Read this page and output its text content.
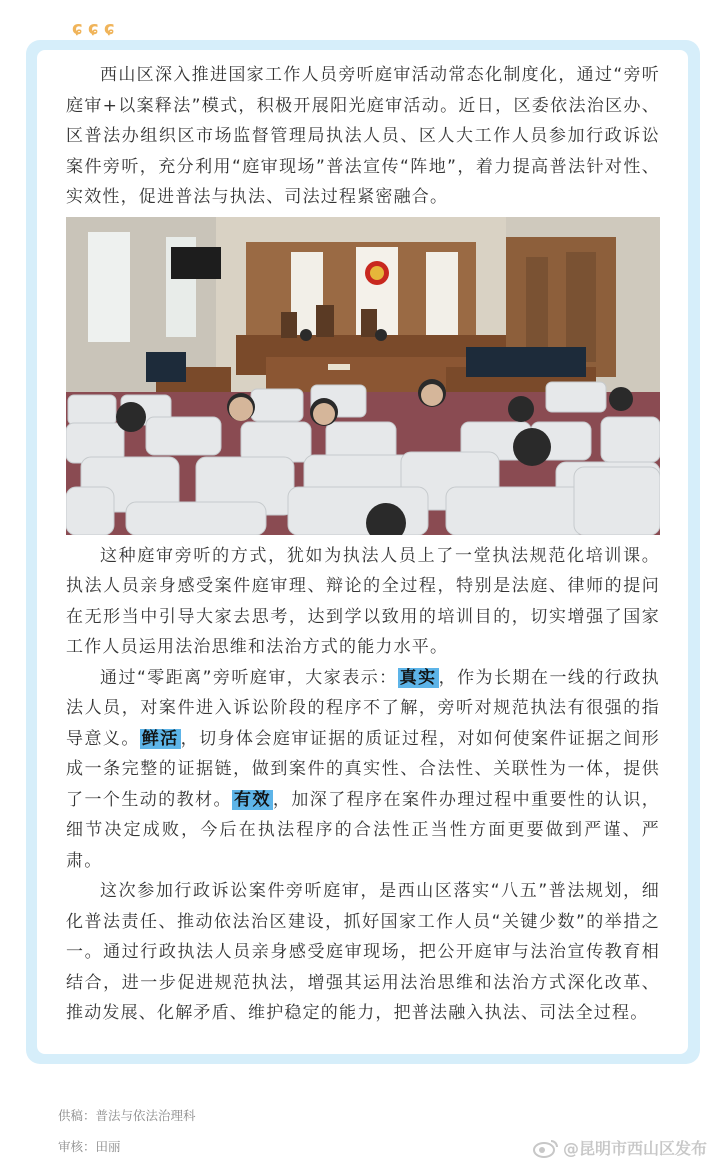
ɕ ɕ ɕ

西山区深入推进国家工作人员旁听庭审活动常态化制度化，通过“旁听庭审+以案释法”模式，积极开展阳光庭审活动。近日，区委依法治区办、区普法办组织区市场监督管理局执法人员、区人大工作人员参加行政诉讼案件旁听，充分利用“庭审现场”普法宣传“阵地”，着力提高普法针对性、实效性，促进普法与执法、司法过程紧密融合。

这种庭审旁听的方式，犹如为执法人员上了一堂执法规范化培训课。执法人员亲身感受案件庭审理、辩论的全过程，特别是法庭、律师的提问在无形当中引导大家去思考，达到学以致用的培训目的，切实增强了国家工作人员运用法治思维和法治方式的能力水平。

通过“零距离”旁听庭审，大家表示： 真实 ，作为长期在一线的行政执法人员，对案件进入诉讼阶段的程序不了解，旁听对规范执法有很强的指导意义。 鲜活 ，切身体会庭审证据的质证过程，对如何使案件证据之间形成一条完整的证据链，做到案件的真实性、合法性、关联性为一体，提供了一个生动的教材。 有效 ，加深了程序在案件办理过程中重要性的认识，细节决定成败，今后在执法程序的合法性正当性方面更要做到严谨、严肃。

这次参加行政诉讼案件旁听庭审，是西山区落实“八五”普法规划，细化普法责任、推动依法治区建设，抓好国家工作人员“关键少数”的举措之一。通过行政执法人员亲身感受庭审现场，把公开庭审与法治宣传教育相结合，进一步促进规范执法，增强其运用法治思维和法治方式深化改革、推动发展、化解矛盾、维护稳定的能力，把普法融入执法、司法全过程。

供稿：普法与依法治理科
审核：田丽	@昆明市西山区发布
